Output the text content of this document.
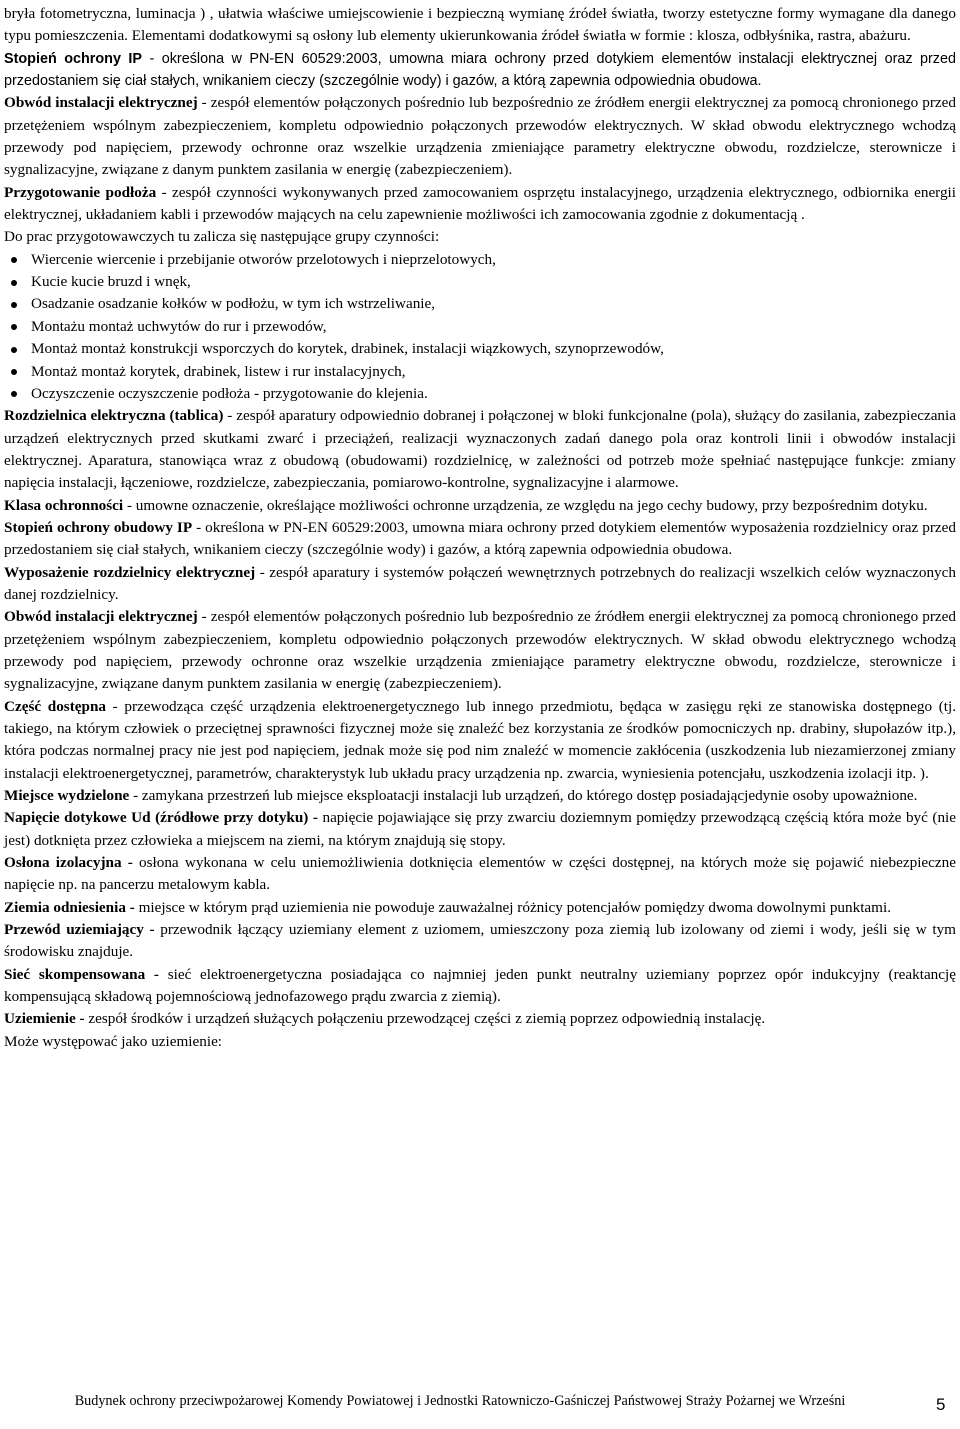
bryła fotometryczna, luminacja ) , ułatwia właściwe umiejscowienie i bezpieczną wymianę źródeł światła, tworzy estetyczne formy wymagane dla danego typu pomieszczenia. Elementami dodatkowymi są osłony lub elementy ukierunkowania źródeł światła w formie : klosza, odbłyśnika, rastra, abażuru.

Stopień ochrony IP - określona w PN-EN 60529:2003, umowna miara ochrony przed dotykiem elementów instalacji elektrycznej oraz przed przedostaniem się ciał stałych, wnikaniem cieczy (szczególnie wody) i gazów, a którą zapewnia odpowiednia obudowa.

Obwód instalacji elektrycznej - zespół elementów połączonych pośrednio lub bezpośrednio ze źródłem energii elektrycznej za pomocą chronionego przed przetężeniem wspólnym zabezpieczeniem, kompletu odpowiednio połączonych przewodów elektrycznych. W skład obwodu elektrycznego wchodzą przewody pod napięciem, przewody ochronne oraz wszelkie urządzenia zmieniające parametry elektryczne obwodu, rozdzielcze, sterownicze i sygnalizacyjne, związane z danym punktem zasilania w energię (zabezpieczeniem).

Przygotowanie podłoża - zespół czynności wykonywanych przed zamocowaniem osprzętu instalacyjnego, urządzenia elektrycznego, odbiornika energii elektrycznej, układaniem kabli i przewodów mających na celu zapewnienie możliwości ich zamocowania zgodnie z dokumentacją .

Do prac przygotowawczych tu zalicza się następujące grupy czynności:

Wiercenie wiercenie i przebijanie otworów przelotowych i nieprzelotowych,
Kucie kucie bruzd i wnęk,
Osadzanie osadzanie kołków w podłożu, w tym ich wstrzeliwanie,
Montażu montaż uchwytów do rur i przewodów,
Montaż montaż konstrukcji wsporczych do korytek, drabinek, instalacji wiązkowych, szynoprzewodów,
Montaż montaż korytek, drabinek, listew i rur instalacyjnych,
Oczyszczenie oczyszczenie podłoża - przygotowanie do klejenia.

Rozdzielnica elektryczna (tablica) - zespół aparatury odpowiednio dobranej i połączonej w bloki funkcjonalne (pola), służący do zasilania, zabezpieczania urządzeń elektrycznych przed skutkami zwarć i przeciążeń, realizacji wyznaczonych zadań danego pola oraz kontroli linii i obwodów instalacji elektrycznej. Aparatura, stanowiąca wraz z obudową (obudowami) rozdzielnicę, w zależności od potrzeb może spełniać następujące funkcje: zmiany napięcia instalacji, łączeniowe, rozdzielcze, zabezpieczania, pomiarowo-kontrolne, sygnalizacyjne i alarmowe.

Klasa ochronności - umowne oznaczenie, określające możliwości ochronne urządzenia, ze względu na jego cechy budowy, przy bezpośrednim dotyku.

Stopień ochrony obudowy IP - określona w PN-EN 60529:2003, umowna miara ochrony przed dotykiem elementów wyposażenia rozdzielnicy oraz przed przedostaniem się ciał stałych, wnikaniem cieczy (szczególnie wody) i gazów, a którą zapewnia odpowiednia obudowa.

Wyposażenie rozdzielnicy elektrycznej - zespół aparatury i systemów połączeń wewnętrznych potrzebnych do realizacji wszelkich celów wyznaczonych danej rozdzielnicy.

Obwód instalacji elektrycznej - zespół elementów połączonych pośrednio lub bezpośrednio ze źródłem energii elektrycznej za pomocą chronionego przed przetężeniem wspólnym zabezpieczeniem, kompletu odpowiednio połączonych przewodów elektrycznych. W skład obwodu elektrycznego wchodzą przewody pod napięciem, przewody ochronne oraz wszelkie urządzenia zmieniające parametry elektryczne obwodu, rozdzielcze, sterownicze i sygnalizacyjne, związane danym punktem zasilania w energię (zabezpieczeniem).

Część dostępna - przewodząca część urządzenia elektroenergetycznego lub innego przedmiotu, będąca w zasięgu ręki ze stanowiska dostępnego (tj. takiego, na którym człowiek o przeciętnej sprawności fizycznej może się znaleźć bez korzystania ze środków pomocniczych np. drabiny, słupołazów itp.), która podczas normalnej pracy nie jest pod napięciem, jednak może się pod nim znaleźć w momencie zakłócenia (uszkodzenia lub niezamierzonej zmiany instalacji elektroenergetycznej, parametrów, charakterystyk lub układu pracy urządzenia np. zwarcia, wyniesienia potencjału, uszkodzenia izolacji itp. ).

Miejsce wydzielone - zamykana przestrzeń lub miejsce eksploatacji instalacji lub urządzeń, do którego dostęp posiadającjedynie osoby upoważnione.

Napięcie dotykowe Ud (źródłowe przy dotyku) - napięcie pojawiające się przy zwarciu doziemnym pomiędzy przewodzącą częścią która może być (nie jest) dotknięta przez człowieka a miejscem na ziemi, na którym znajdują się stopy.

Osłona izolacyjna - osłona wykonana w celu uniemożliwienia dotknięcia elementów w części dostępnej, na których może się pojawić niebezpieczne napięcie np. na pancerzu metalowym kabla.

Ziemia odniesienia - miejsce w którym prąd uziemienia nie powoduje zauważalnej różnicy potencjałów pomiędzy dwoma dowolnymi punktami.

Przewód uziemiający - przewodnik łączący uziemiany element z uziomem, umieszczony poza ziemią lub izolowany od ziemi i wody, jeśli się w tym środowisku znajduje.

Sieć skompensowana - sieć elektroenergetyczna posiadająca co najmniej jeden punkt neutralny uziemiany poprzez opór indukcyjny (reaktancję kompensującą składową pojemnościową jednofazowego prądu zwarcia z ziemią).

Uziemienie - zespół środków i urządzeń służących połączeniu przewodzącej części z ziemią poprzez odpowiednią instalację.

Może występować jako uziemienie:

Budynek ochrony przeciwpożarowej Komendy Powiatowej i Jednostki Ratowniczo-Gaśniczej Państwowej Straży Pożarnej we Wrześni	5
